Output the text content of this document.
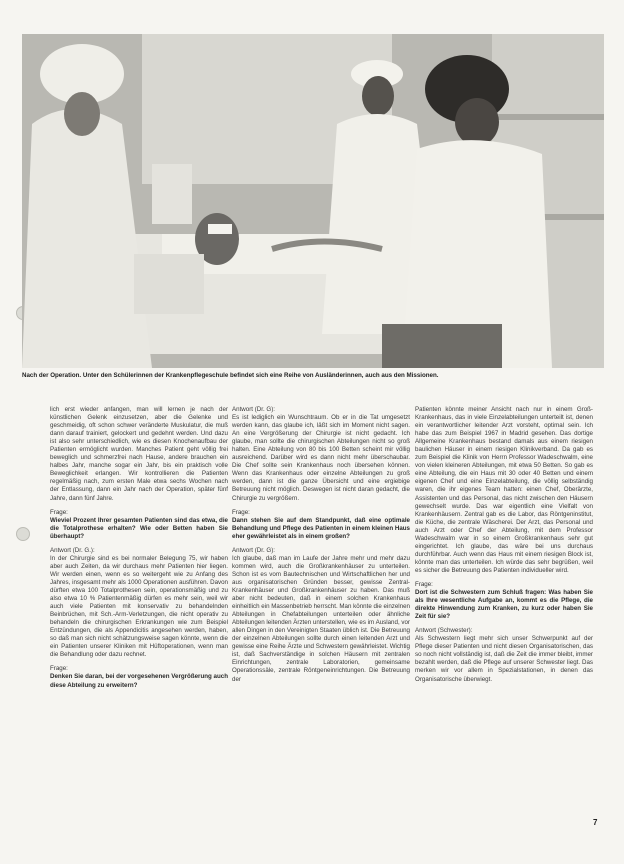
Nach der Operation. Unter den Schülerinnen der Krankenpflegeschule befindet sich eine Reihe von Ausländerinnen, auch aus den Missionen.

lich erst wieder anfangen, man will lernen je nach der künstlichen Gelenk einzusetzen, aber die Gelenke und geschmeidig, oft schon schwer veränderte Muskulatur, die muß dann darauf trainiert, gelockert und gedehnt werden. Und dazu ist also sehr unterschiedlich, wie es diesen Knochenaufbau der Patienten ermöglicht wurden. Manches Patient geht völlig frei beweglich und schmerzfrei nach Hause, andere brauchen ein halbes Jahr, manche sogar ein Jahr, bis ein praktisch volle Beweglichkeit erlangen. Wir kontrollieren die Patienten regelmäßig nach, zum ersten Male etwa sechs Wochen nach der Entlassung, dann ein Jahr nach der Operation, später fünf Jahre, dann fünf Jahre.

Frage:

Wieviel Prozent Ihrer gesamten Patienten sind das etwa, die die Totalprothese erhalten? Wie oder Betten haben Sie überhaupt?

Antwort (Dr. G.):

In der Chirurgie sind es bei normaler Belegung 75, wir haben aber auch Zeiten, da wir durchaus mehr Patienten hier liegen. Wir werden einen, wenn es so weitergeht wie zu Anfang des Jahres, insgesamt mehr als 1000 Operationen ausführen. Davon dürften etwa 100 Totalprothesen sein, operationsmäßig und zu also etwa 10 % Patientenmäßig dürfen es mehr sein, weil wir auch viele Patienten mit konservativ zu behandelnden Beinbrüchen, mit Sch.-Arm-Verletzungen, die nicht operativ zu behandeln die chirurgischen Erkrankungen wie zum Beispiel Entzündungen, die als Appendicitis angesehen werden, haben, so daß man sich nicht schätzungsweise sagen könnte, wenn die ein Patienten unserer Kliniken mit Hüftoperationen, wenn man die Behandlung oder dazu rechnet.

Frage:

Denken Sie daran, bei der vorgesehenen Vergrößerung auch diese Abteilung zu erweitern?

Antwort (Dr. G):

Es ist lediglich ein Wunschtraum. Ob er in die Tat umgesetzt werden kann, das glaube ich, läßt sich im Moment nicht sagen. An eine Vergrößerung der Chirurgie ist nicht gedacht. Ich glaube, man sollte die chirurgischen Abteilungen nicht so groß halten. Eine Abteilung von 80 bis 100 Betten scheint mir völlig ausreichend. Darüber wird es dann nicht mehr überschaubar. Die Chef sollte sein Krankenhaus noch übersehen können. Wenn das Krankenhaus oder einzelne Abteilungen zu groß werden, dann ist die ganze Übersicht und eine ergiebige Betreuung nicht möglich. Deswegen ist nicht daran gedacht, die Chirurgie zu vergrößern.

Frage:

Dann stehen Sie auf dem Standpunkt, daß eine optimale Behandlung und Pflege des Patienten in einem kleinen Haus eher gewährleistet als in einem großen?

Antwort (Dr. G):

Ich glaube, daß man im Laufe der Jahre mehr und mehr dazu kommen wird, auch die Großkrankenhäuser zu unterteilen. Schon ist es vom Bautechnischen und Wirtschaftlichen her und aus organisatorischen Gründen besser, gewisse Zentral-Krankenhäuser und Großkrankenhäuser zu haben. Das muß aber nicht bedeuten, daß in einem solchen Krankenhaus einheitlich ein Massenbetrieb herrscht. Man könnte die einzelnen Abteilungen in Chefabteilungen unterteilen oder ähnliche Abteilungen leitenden Ärzten unterstellen, wie es im Ausland, vor allen Dingen in den Vereinigten Staaten üblich ist. Die Betreuung der einzelnen Abteilungen sollte durch einen leitenden Arzt und gewisse eine Reihe Ärzte und Schwestern gewährleistet. Wichtig ist, daß Sachverständige in solchen Häusern mit zentralen Einrichtungen, zentrale Laboratorien, gemeinsame Operationssäle, zentrale Röntgeneinrichtungen. Die Betreuung der

Patienten könnte meiner Ansicht nach nur in einem Groß-Krankenhaus, das in viele Einzelabteilungen unterteilt ist, denen ein verantwortlicher leitender Arzt vorsteht, optimal sein. Ich habe das zum Beispiel 1967 in Madrid gesehen. Das dortige Allgemeine Krankenhaus bestand damals aus einem riesigen baulichen Häuser in einem riesigen Klinikverband. Da gab es zum Beispiel die Klinik von Herrn Professor Wadeschwalm, eine von vielen kleineren Abteilungen, mit etwa 50 Betten. So gab es eine Abteilung, die ein Haus mit 30 oder 40 Betten und einem eigenen Chef und eine Einzelabteilung, die völlig selbständig waren, die ihr eigenes Team hatten: einen Chef, Oberärzte, Assistenten und das Personal, das nicht zwischen den Häusern gewechselt wurde. Das war eigentlich eine Vielfalt von Krankenhäusern. Zentral gab es die Labor, das Röntgeninstitut, die Küche, die zentrale Wäscherei. Der Arzt, das Personal und auch Arzt oder Chef der Abteilung, mit dem Professor Wadeschwalm war in so einem Großkrankenhaus sehr gut eingerichtet. Ich glaube, das wäre bei uns durchaus durchführbar. Auch wenn das Haus mit einem riesigen Block ist, könnte man das unterteilen. Ich würde das sehr begrüßen, weil es sicher die Betreuung des Patienten individueller wird.

Frage:

Dort ist die Schwestern zum Schluß fragen: Was haben Sie als Ihre wesentliche Aufgabe an, kommt es die Pflege, die direkte Hinwendung zum Kranken, zu kurz oder haben Sie Zeit für sie?

Antwort (Schwester):

Als Schwestern liegt mehr sich unser Schwerpunkt auf der Pflege dieser Patienten und nicht diesen Organisatorischen, das so noch nicht vollständig ist, daß die Zeit die immer bleibt, immer bezahlt werden, daß die Pflege auf unserer Schwester liegt. Das merken wir vor allem in Spezialstationen, in denen das Organisatorische überwiegt.

7
